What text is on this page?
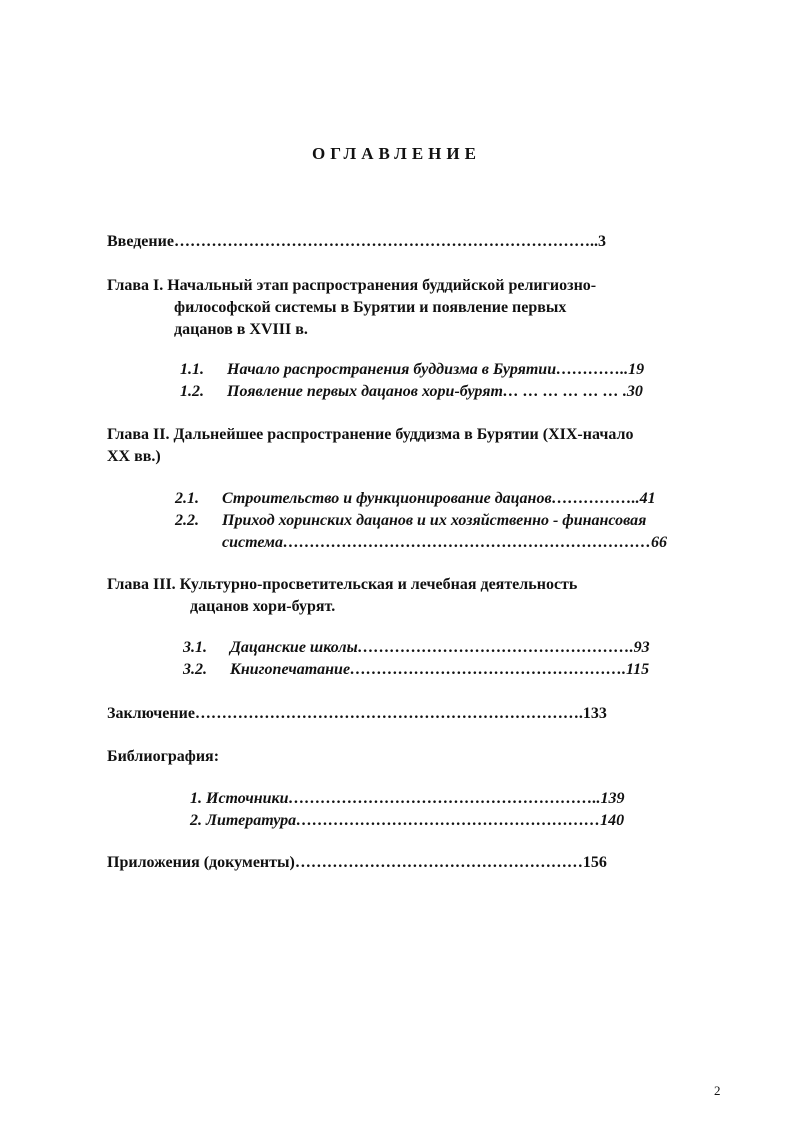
ОГЛАВЛЕНИЕ
Введение……………………………………………………………………..3
Глава I. Начальный этап распространения буддийской религиозно-
философской системы в Бурятии и появление первых
дацанов в XVIII в.
1.1. Начало распространения буддизма в Бурятии…………..19
1.2. Появление первых дацанов хори-бурят… … … … … … .30
Глава II. Дальнейшее распространение буддизма в Бурятии (XIX-начало
XX вв.)
2.1. Строительство и функционирование дацанов……………..41
2.2. Приход хоринских дацанов и их хозяйственно - финансовая
система……………………………………………………………66
Глава III. Культурно-просветительская и лечебная деятельность
дацанов хори-бурят.
3.1. Дацанские школы…………………………………………….93
3.2. Книгопечатание…………………………………………….115
Заключение……………………………………………………………….133
Библиография:
1. Источники…………………………………………………..139
2. Литература…………………………………………………140
Приложения (документы)………………………………………………156
2
